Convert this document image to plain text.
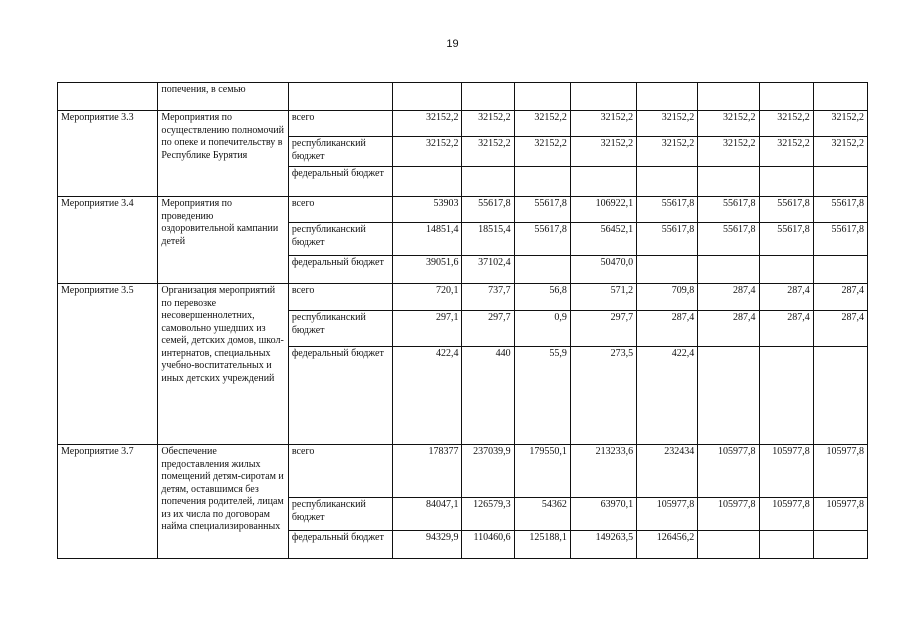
19
	попечения, в семью									
Мероприятие 3.3	Мероприятия по осуществлению полномочий по опеке и попечительству в Республике Бурятия	всего	32152,2	32152,2	32152,2	32152,2	32152,2	32152,2	32152,2	32152,2
		республиканский бюджет	32152,2	32152,2	32152,2	32152,2	32152,2	32152,2	32152,2	32152,2
		федеральный бюджет								
Мероприятие 3.4	Мероприятия по проведению оздоровительной кампании детей	всего	53903	55617,8	55617,8	106922,1	55617,8	55617,8	55617,8	55617,8
		республиканский бюджет	14851,4	18515,4	55617,8	56452,1	55617,8	55617,8	55617,8	55617,8
		федеральный бюджет	39051,6	37102,4		50470,0				
Мероприятие 3.5	Организация мероприятий по перевозке несовершеннолетних, самовольно ушедших из семей, детских домов, школ-интернатов, специальных учебно-воспитательных и иных детских учреждений	всего	720,1	737,7	56,8	571,2	709,8	287,4	287,4	287,4
		республиканский бюджет	297,1	297,7	0,9	297,7	287,4	287,4	287,4	287,4
		федеральный бюджет	422,4	440	55,9	273,5	422,4			
Мероприятие 3.7	Обеспечение предоставления жилых помещений детям-сиротам и детям, оставшимся без попечения родителей, лицам из их числа по договорам найма специализированных	всего	178377	237039,9	179550,1	213233,6	232434	105977,8	105977,8	105977,8
		республиканский бюджет	84047,1	126579,3	54362	63970,1	105977,8	105977,8	105977,8	105977,8
		федеральный бюджет	94329,9	110460,6	125188,1	149263,5	126456,2			
